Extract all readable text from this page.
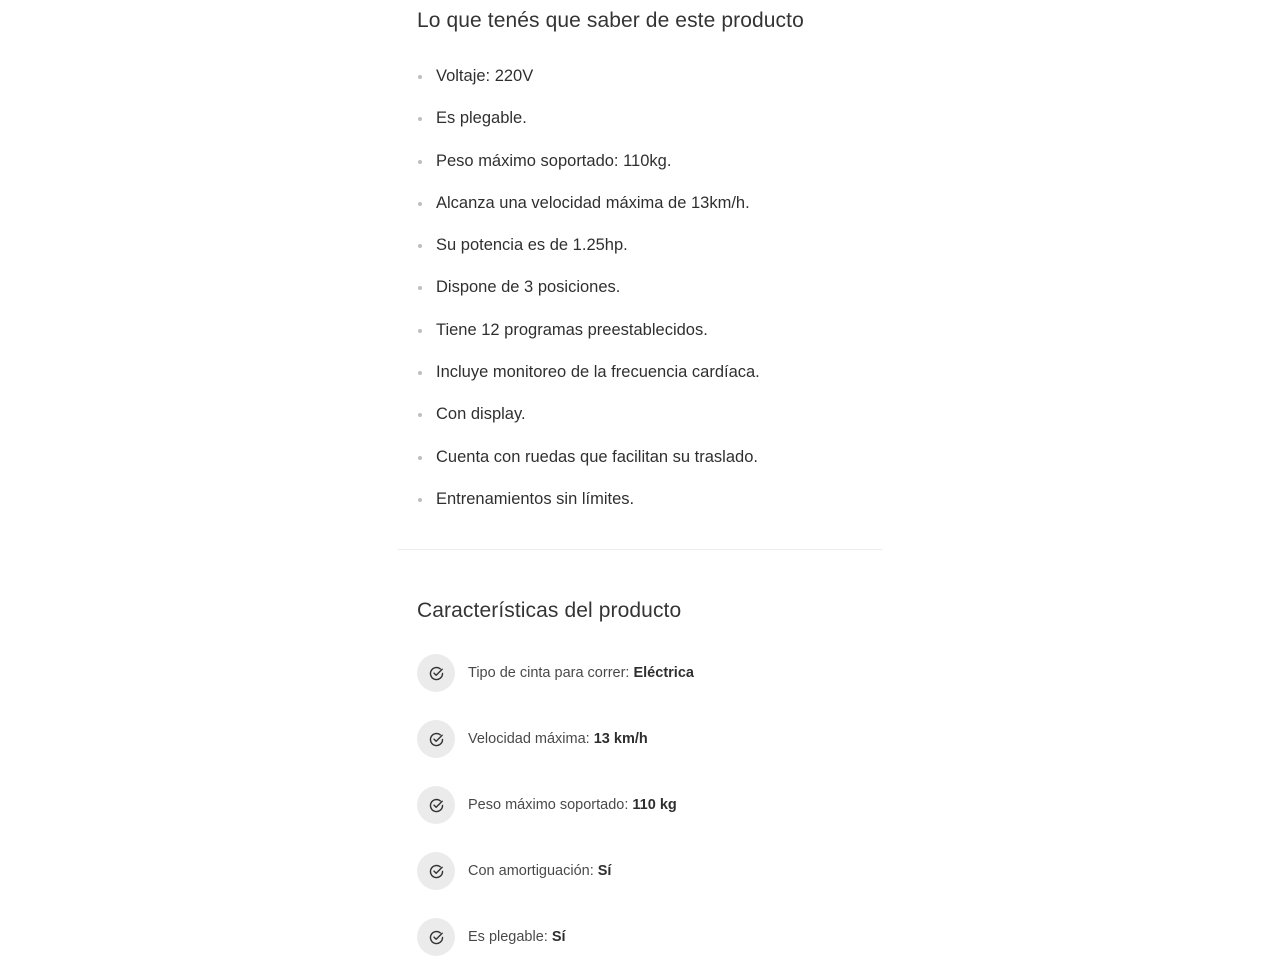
Lo que tenés que saber de este producto
Voltaje: 220V
Es plegable.
Peso máximo soportado: 110kg.
Alcanza una velocidad máxima de 13km/h.
Su potencia es de 1.25hp.
Dispone de 3 posiciones.
Tiene 12 programas preestablecidos.
Incluye monitoreo de la frecuencia cardíaca.
Con display.
Cuenta con ruedas que facilitan su traslado.
Entrenamientos sin límites.
Características del producto
Tipo de cinta para correr: Eléctrica
Velocidad máxima: 13 km/h
Peso máximo soportado: 110 kg
Con amortiguación: Sí
Es plegable: Sí
